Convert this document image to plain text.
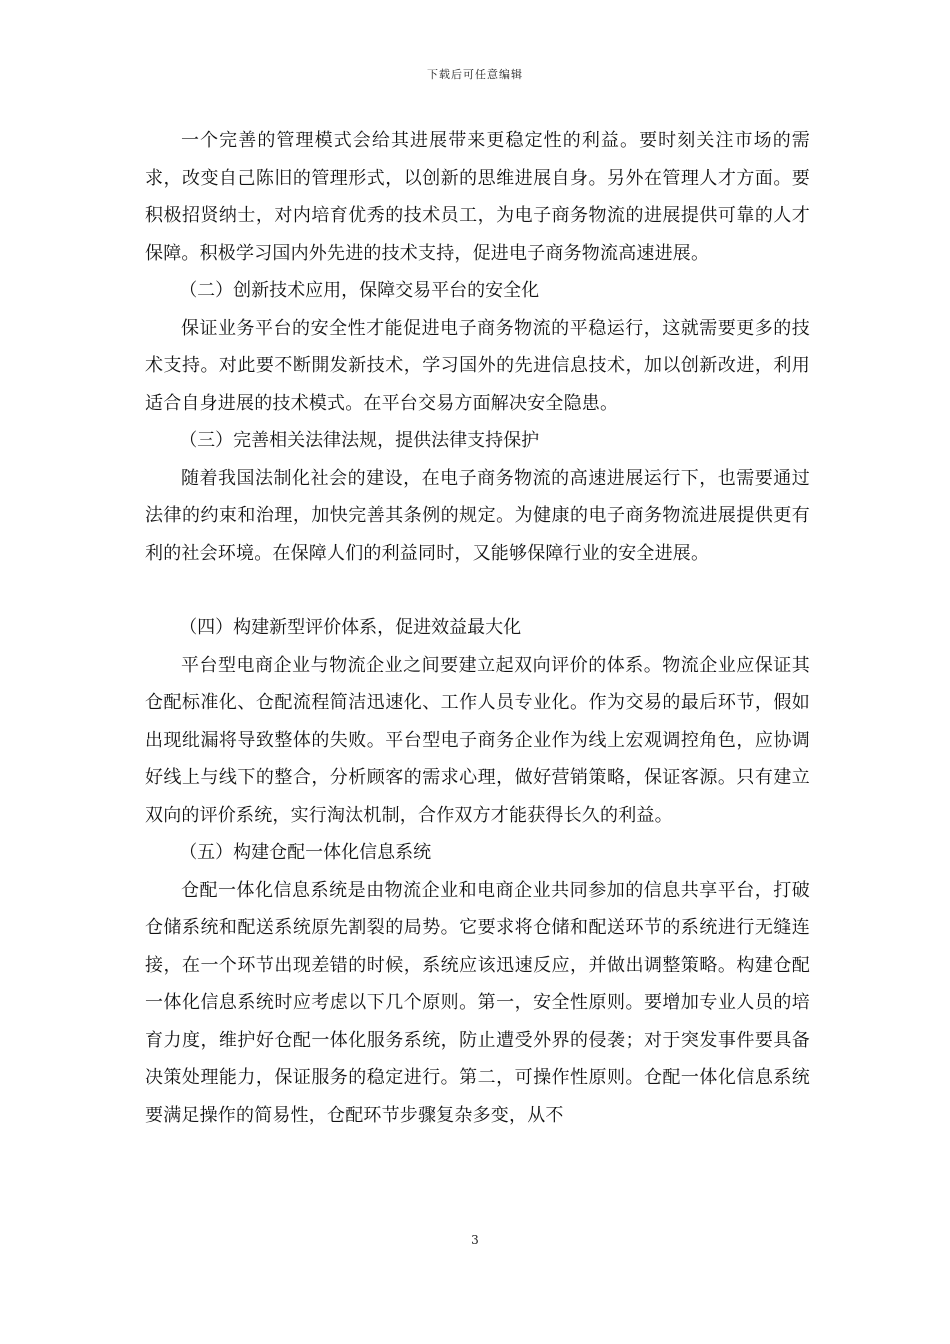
下载后可任意编辑

一个完善的管理模式会给其进展带来更稳定性的利益。要时刻关注市场的需求，改变自己陈旧的管理形式，以创新的思维进展自身。另外在管理人才方面。要积极招贤纳士，对内培育优秀的技术员工，为电子商务物流的进展提供可靠的人才保障。积极学习国内外先进的技术支持，促进电子商务物流高速进展。

（二）创新技术应用，保障交易平台的安全化

保证业务平台的安全性才能促进电子商务物流的平稳运行，这就需要更多的技术支持。对此要不断開发新技术，学习国外的先进信息技术，加以创新改进，利用适合自身进展的技术模式。在平台交易方面解决安全隐患。

（三）完善相关法律法规，提供法律支持保护

随着我国法制化社会的建设，在电子商务物流的高速进展运行下，也需要通过法律的约束和治理，加快完善其条例的规定。为健康的电子商务物流进展提供更有利的社会环境。在保障人们的利益同时，又能够保障行业的安全进展。

（四）构建新型评价体系，促进效益最大化

平台型电商企业与物流企业之间要建立起双向评价的体系。物流企业应保证其仓配标准化、仓配流程简洁迅速化、工作人员专业化。作为交易的最后环节，假如出现纰漏将导致整体的失败。平台型电子商务企业作为线上宏观调控角色，应协调好线上与线下的整合，分析顾客的需求心理，做好营销策略，保证客源。只有建立双向的评价系统，实行淘汰机制，合作双方才能获得长久的利益。

（五）构建仓配一体化信息系统

仓配一体化信息系统是由物流企业和电商企业共同参加的信息共享平台，打破仓储系统和配送系统原先割裂的局势。它要求将仓储和配送环节的系统进行无缝连接，在一个环节出现差错的时候，系统应该迅速反应，并做出调整策略。构建仓配一体化信息系统时应考虑以下几个原则。第一，安全性原则。要增加专业人员的培育力度，维护好仓配一体化服务系统，防止遭受外界的侵袭；对于突发事件要具备决策处理能力，保证服务的稳定进行。第二，可操作性原则。仓配一体化信息系统要满足操作的简易性，仓配环节步骤复杂多变，从不

3
